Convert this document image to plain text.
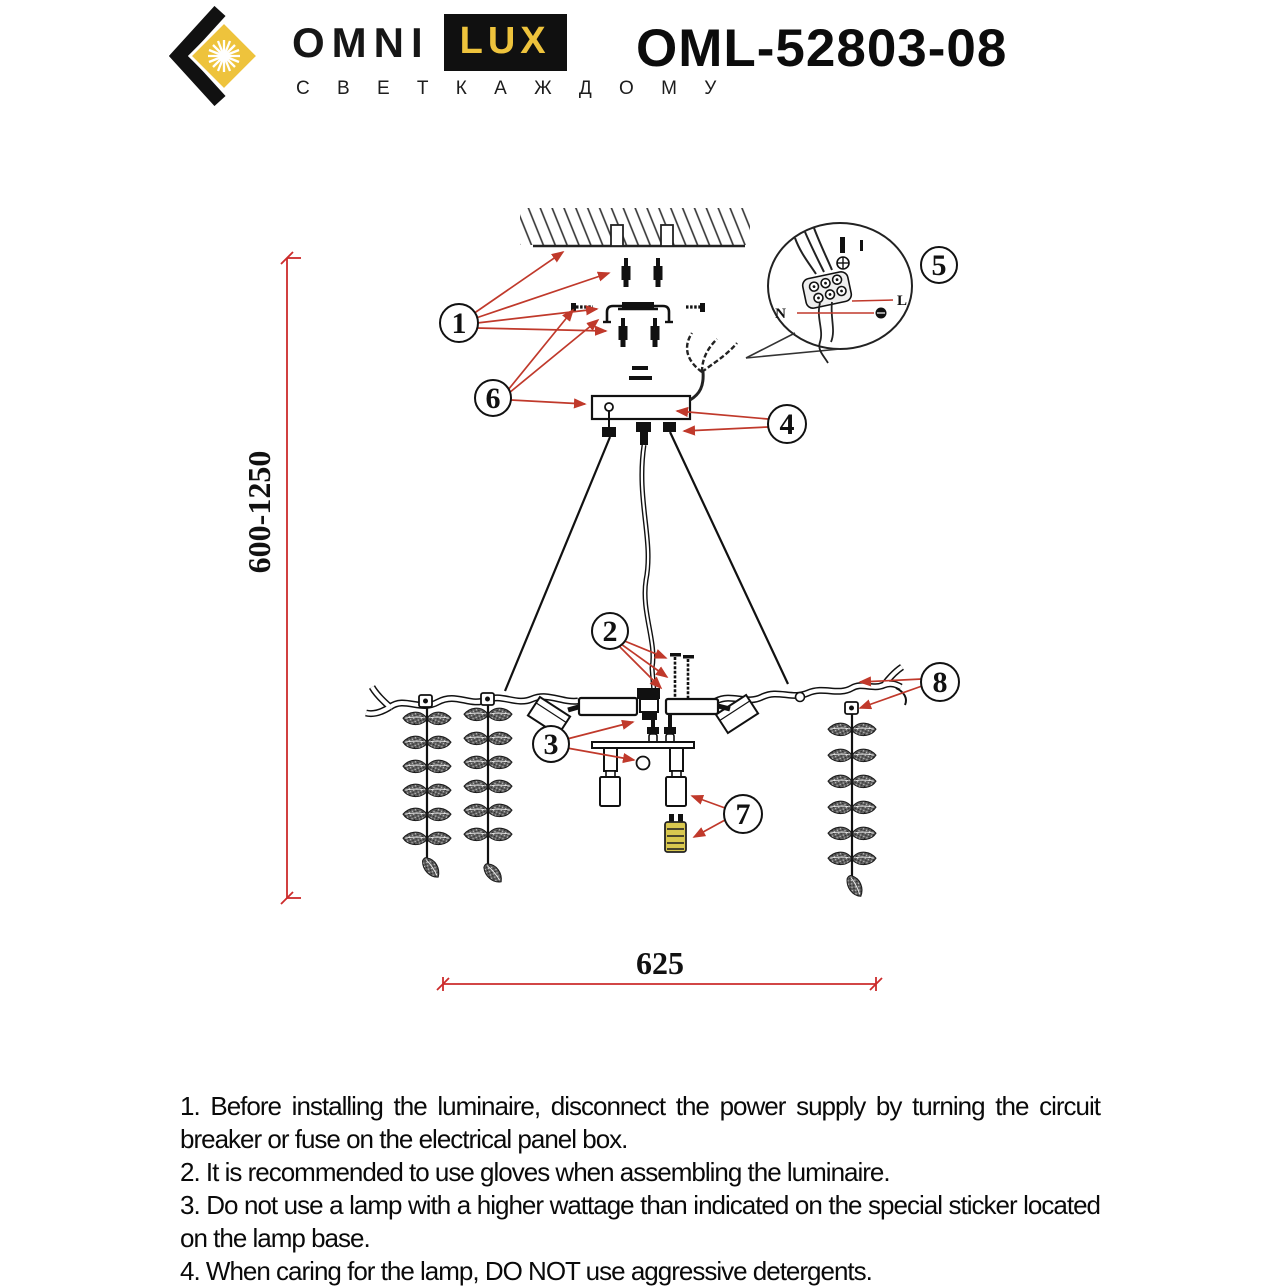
OMNI LUX
С В Е Т К А Ж Д О М У
OML-52803-08
N
L
1
6
5
4
2
3
7
8
600-1250
625

1. Before installing the luminaire, disconnect the power supply by turning the circuit breaker or fuse on the electrical panel box.

2. It is recommended to use gloves when assembling the luminaire.

3. Do not use a lamp with a higher wattage than indicated on the special sticker located on the lamp base.

4. When caring for the lamp, DO NOT use aggressive detergents.
